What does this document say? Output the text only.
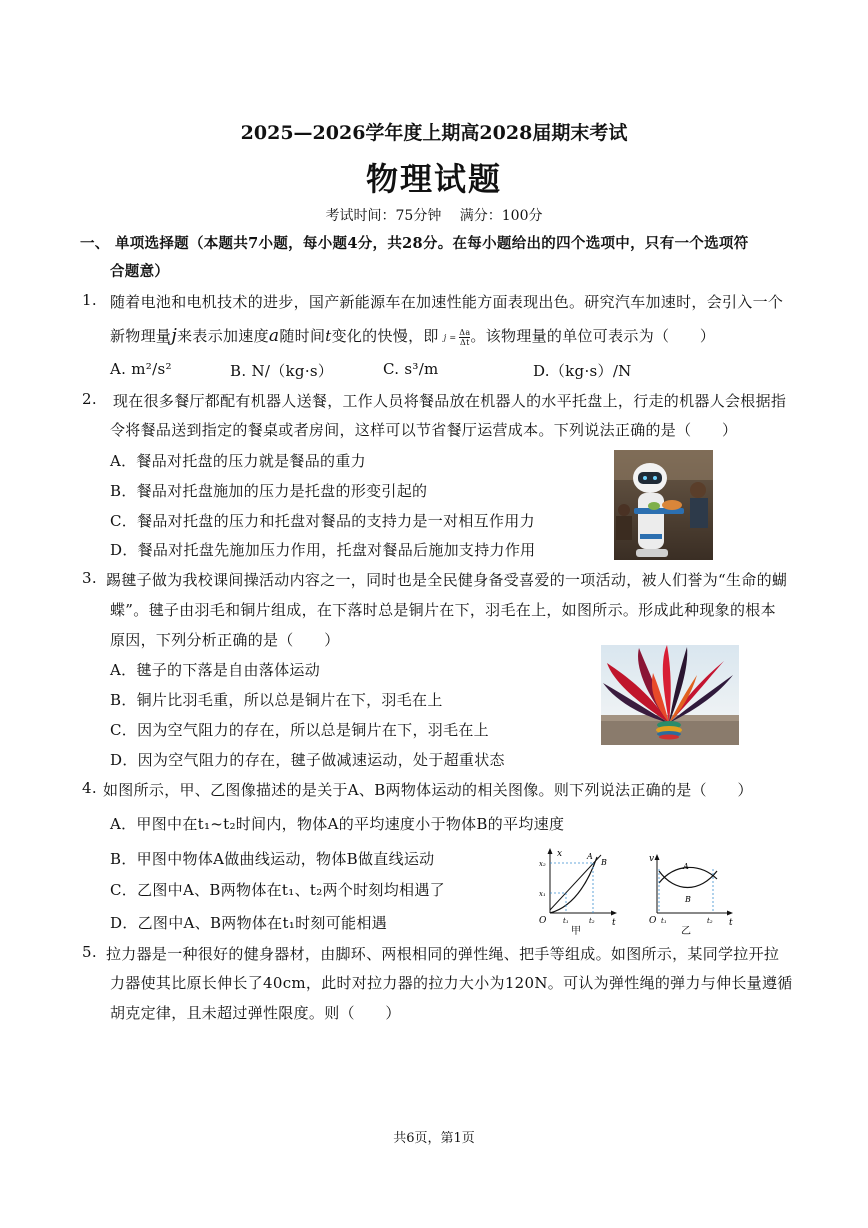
2025—2026学年度上期高2028届期末考试
物理试题
考试时间：75分钟　 满分：100分
一、 单项选择题（本题共7小题，每小题4分，共28分。在每小题给出的四个选项中，只有一个选项符
合题意）
1. 随着电池和电机技术的进步，国产新能源车在加速性能方面表现出色。研究汽车加速时，会引入一个
新物理量j来表示加速度a随时间t变化的快慢，即 $j = \frac{\Delta a}{\Delta t}$ 。该物理量的单位可表示为（　　）
A. m²/s²	B. N/（kg·s）	C. s³/m	D.（kg·s）/N
2. 现在很多餐厅都配有机器人送餐，工作人员将餐品放在机器人的水平托盘上，行走的机器人会根据指
令将餐品送到指定的餐桌或者房间，这样可以节省餐厅运营成本。下列说法正确的是（　　）
A．餐品对托盘的压力就是餐品的重力
B．餐品对托盘施加的压力是托盘的形变引起的
C．餐品对托盘的压力和托盘对餐品的支持力是一对相互作用力
D．餐品对托盘先施加压力作用，托盘对餐品后施加支持力作用
3. 踢毽子做为我校课间操活动内容之一，同时也是全民健身备受喜爱的一项活动，被人们誉为“生命的蝴
蝶”。毽子由羽毛和铜片组成，在下落时总是铜片在下，羽毛在上，如图所示。形成此种现象的根本
原因，下列分析正确的是（　　）
A．毽子的下落是自由落体运动
B．铜片比羽毛重，所以总是铜片在下，羽毛在上
C．因为空气阻力的存在，所以总是铜片在下，羽毛在上
D．因为空气阻力的存在，毽子做减速运动，处于超重状态
4. 如图所示，甲、乙图像描述的是关于A、B两物体运动的相关图像。则下列说法正确的是（　　）
A．甲图中在t₁~t₂时间内，物体A的平均速度小于物体B的平均速度
B．甲图中物体A做曲线运动，物体B做直线运动
C．乙图中A、B两物体在t₁、t₂两个时刻均相遇了
D．乙图中A、B两物体在t₁时刻可能相遇
x
t
O
x₁
x₂
t₁	t₂
A
B
甲
v
t
O t₁	t₂
A
B
乙
5. 拉力器是一种很好的健身器材，由脚环、两根相同的弹性绳、把手等组成。如图所示，某同学拉开拉
力器使其比原长伸长了40cm，此时对拉力器的拉力大小为120N。可认为弹性绳的弹力与伸长量遵循
胡克定律，且未超过弹性限度。则（　　）
共6页，第1页
